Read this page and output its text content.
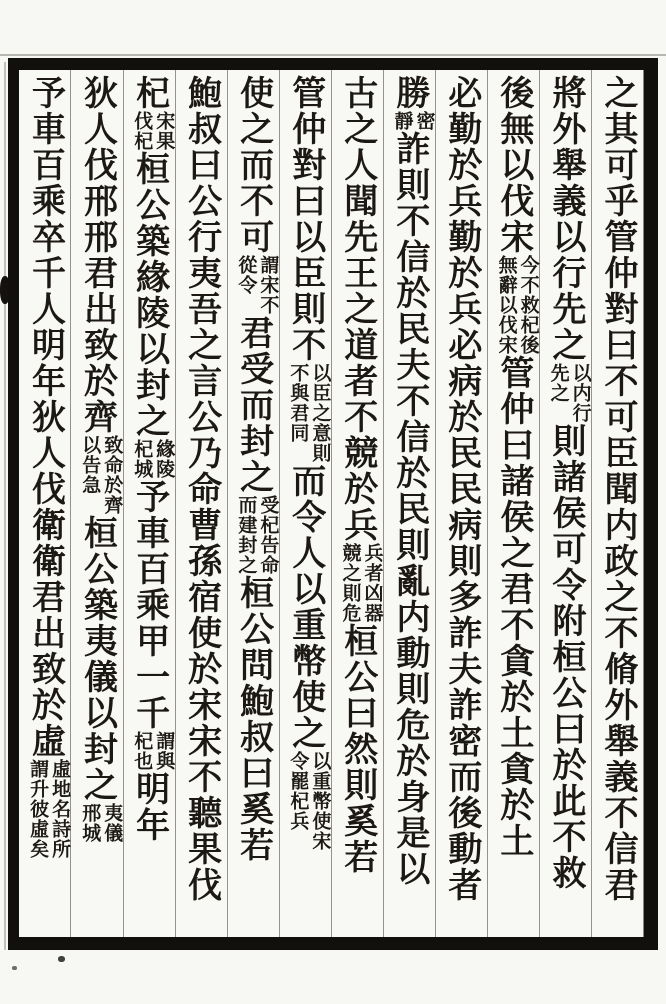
之其可乎管仲對曰不可臣聞内政之不脩外舉義不信君
將外舉義以行先之
以内行
先之
則諸侯可令附桓公曰於此不救
後無以伐宋
今不救杞後
無辭以伐宋
管仲曰諸侯之君不貪於土貪於土
必勤於兵勤於兵必病於民民病則多詐夫詐密而後動者
勝
密
靜
詐則不信於民夫不信於民則亂内動則危於身是以
古之人聞先王之道者不競於兵
兵者凶器
競之則危
桓公曰然則奚若
管仲對曰以臣則不
以臣之意則
不與君同
而令人以重幣使之
以重幣使宋
令罷杞兵
使之而不可
謂宋不
從令
君受而封之
受杞告命
而建封之
桓公問鮑叔曰奚若
鮑叔曰公行夷吾之言公乃命曹孫宿使於宋宋不聽果伐
杞
宋果
伐杞
桓公築緣陵以封之
緣陵
杞城
予車百乘甲一千
謂與
杞也
明年
狄人伐邢邢君出致於齊
致命於齊
以告急
桓公築夷儀以封之
夷儀
邢城
予車百乘卒千人明年狄人伐衛衛君出致於虛
虛地名詩所
謂升彼虛矣
